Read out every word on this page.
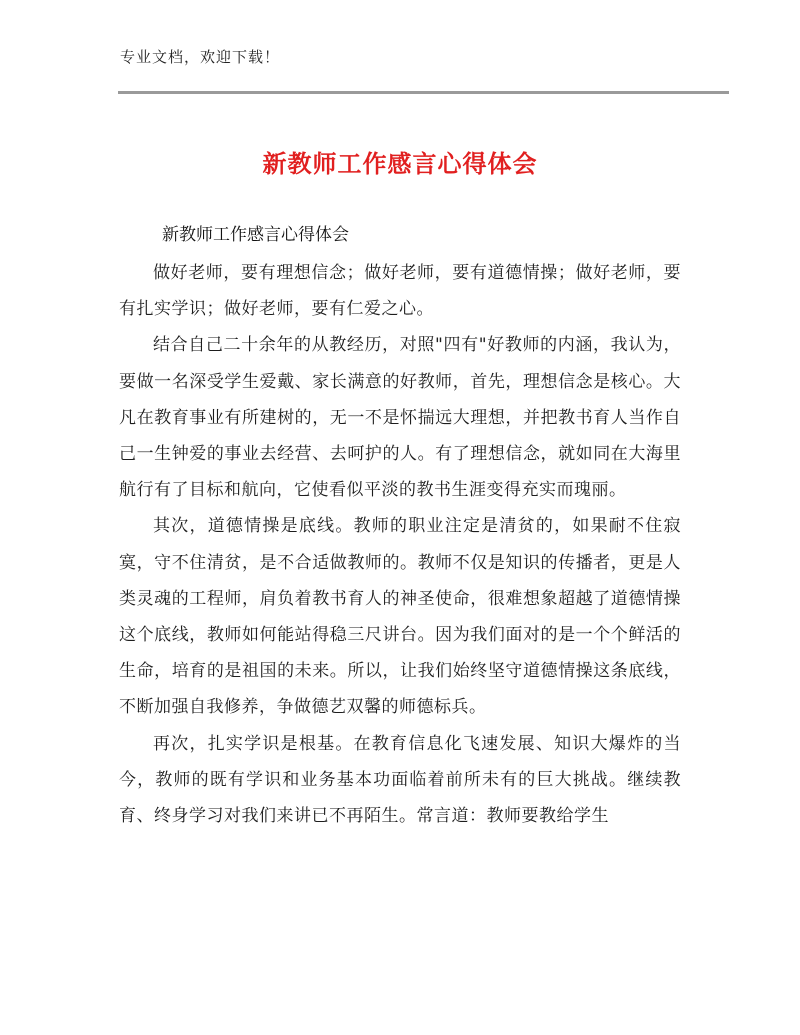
专业文档，欢迎下载！
新教师工作感言心得体会
新教师工作感言心得体会

做好老师，要有理想信念；做好老师，要有道德情操；做好老师，要有扎实学识；做好老师，要有仁爱之心。

结合自己二十余年的从教经历，对照"四有"好教师的内涵，我认为，要做一名深受学生爱戴、家长满意的好教师，首先，理想信念是核心。大凡在教育事业有所建树的，无一不是怀揣远大理想，并把教书育人当作自己一生钟爱的事业去经营、去呵护的人。有了理想信念，就如同在大海里航行有了目标和航向，它使看似平淡的教书生涯变得充实而瑰丽。

其次，道德情操是底线。教师的职业注定是清贫的，如果耐不住寂寞，守不住清贫，是不合适做教师的。教师不仅是知识的传播者，更是人类灵魂的工程师，肩负着教书育人的神圣使命，很难想象超越了道德情操这个底线，教师如何能站得稳三尺讲台。因为我们面对的是一个个鲜活的生命，培育的是祖国的未来。所以，让我们始终坚守道德情操这条底线，不断加强自我修养，争做德艺双馨的师德标兵。

再次，扎实学识是根基。在教育信息化飞速发展、知识大爆炸的当今，教师的既有学识和业务基本功面临着前所未有的巨大挑战。继续教育、终身学习对我们来讲已不再陌生。常言道：教师要教给学生
